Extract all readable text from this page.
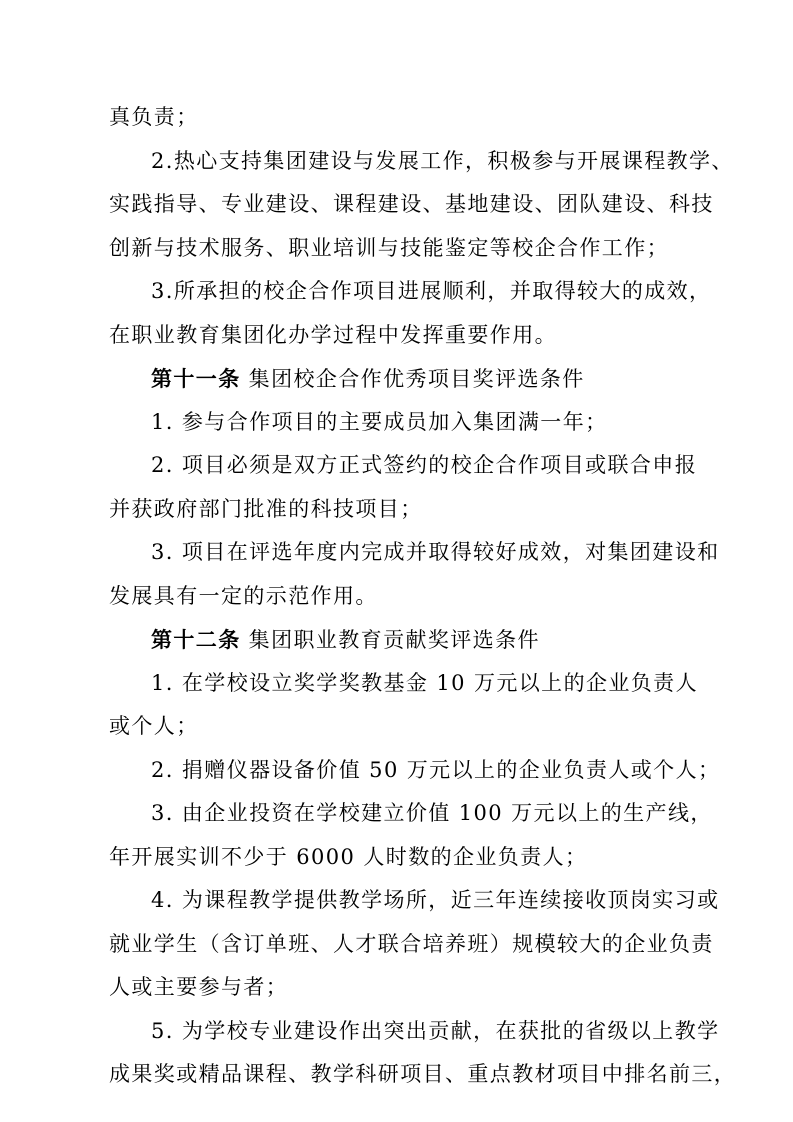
真负责；
2.热心支持集团建设与发展工作，积极参与开展课程教学、
实践指导、专业建设、课程建设、基地建设、团队建设、科技
创新与技术服务、职业培训与技能鉴定等校企合作工作；
3.所承担的校企合作项目进展顺利，并取得较大的成效，
在职业教育集团化办学过程中发挥重要作用。
第十一条 集团校企合作优秀项目奖评选条件
1. 参与合作项目的主要成员加入集团满一年；
2. 项目必须是双方正式签约的校企合作项目或联合申报
并获政府部门批准的科技项目；
3. 项目在评选年度内完成并取得较好成效，对集团建设和
发展具有一定的示范作用。
第十二条 集团职业教育贡献奖评选条件
1. 在学校设立奖学奖教基金 10 万元以上的企业负责人
或个人；
2. 捐赠仪器设备价值 50 万元以上的企业负责人或个人；
3. 由企业投资在学校建立价值 100 万元以上的生产线，
年开展实训不少于 6000 人时数的企业负责人；
4. 为课程教学提供教学场所，近三年连续接收顶岗实习或
就业学生（含订单班、人才联合培养班）规模较大的企业负责
人或主要参与者；
5. 为学校专业建设作出突出贡献，在获批的省级以上教学
成果奖或精品课程、教学科研项目、重点教材项目中排名前三，
